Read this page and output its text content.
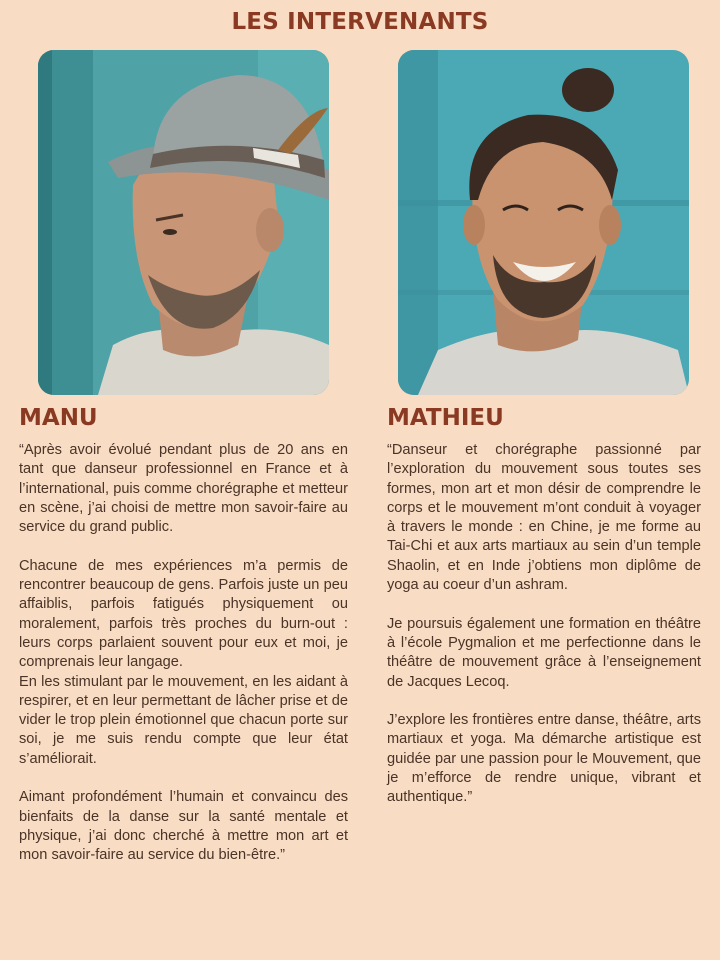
LES INTERVENANTS
MANU	MATHIEU

“Après avoir évolué pendant plus de 20 ans en tant que danseur professionnel en France et à l’international, puis comme chorégraphe et metteur en scène, j’ai choisi de mettre mon savoir-faire au service du grand public.

Chacune de mes expériences m’a permis de rencontrer beaucoup de gens. Parfois juste un peu affaiblis, parfois fatigués physiquement ou moralement, parfois très proches du burn-out : leurs corps parlaient souvent pour eux et moi, je comprenais leur langage.

En les stimulant par le mouvement, en les aidant à respirer, et en leur permettant de lâcher prise et de vider le trop plein émotionnel que chacun porte sur soi, je me suis rendu compte que leur état s’améliorait.

Aimant profondément l’humain et convaincu des bienfaits de la danse sur la santé mentale et physique, j’ai donc cherché à mettre mon art et mon savoir-faire au service du bien-être.”

“Danseur et chorégraphe passionné par l’exploration du mouvement sous toutes ses formes, mon art et mon désir de comprendre le corps et le mouvement m’ont conduit à voyager à travers le monde : en Chine, je me forme au Tai-Chi et aux arts martiaux au sein d’un temple Shaolin, et en Inde j’obtiens mon diplôme de yoga au coeur d’un ashram.

Je poursuis également une formation en théâtre à l’école Pygmalion et me perfectionne dans le théâtre de mouvement grâce à l’enseignement de Jacques Lecoq.

J’explore les frontières entre danse, théâtre, arts martiaux et yoga. Ma démarche artistique est guidée par une passion pour le Mouvement, que je m’efforce de rendre unique, vibrant et authentique.”
